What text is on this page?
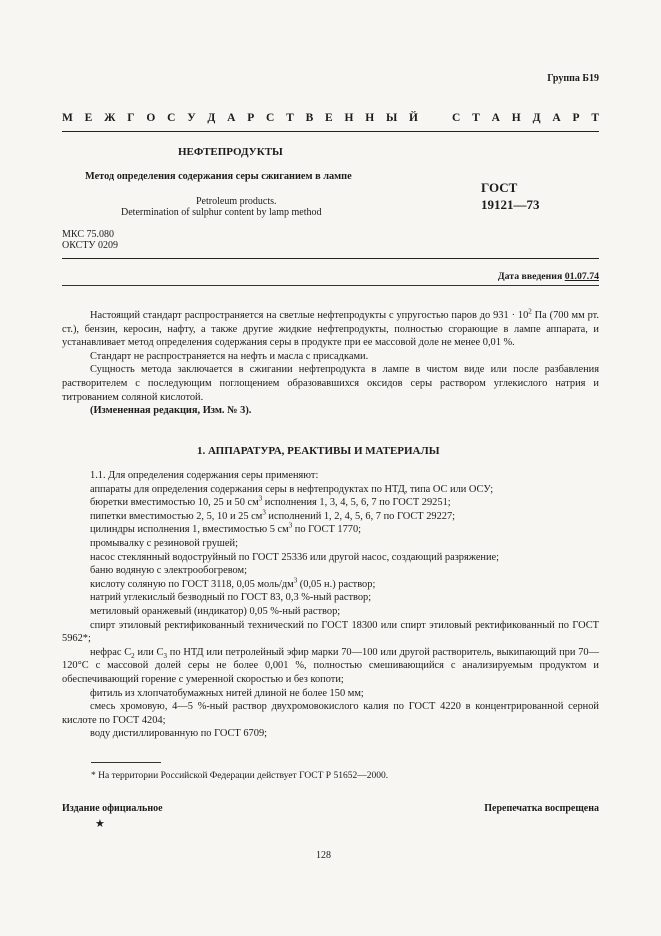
Группа Б19
М Е Ж Г О С У Д А Р С Т В Е Н Н Ы Й	С Т А Н Д А Р Т
НЕФТЕПРОДУКТЫ
Метод определения содержания серы сжиганием в лампе
ГОСТ
19121—73
Petroleum products.
Determination of sulphur content by lamp method
МКС 75.080
ОКСТУ 0209
Дата введения 01.07.74

Настоящий стандарт распространяется на светлые нефтепродукты с упругостью паров до $931 \cdot 10^2$ Па (700 мм рт. ст.), бензин, керосин, нафту, а также другие жидкие нефтепродукты, полностью сгорающие в лампе аппарата, и устанавливает метод определения содержания серы в продукте при ее массовой доле не менее 0,01 %.

Стандарт не распространяется на нефть и масла с присадками.

Сущность метода заключается в сжигании нефтепродукта в лампе в чистом виде или после разбавления растворителем с последующим поглощением образовавшихся оксидов серы раствором углекислого натрия и титрованием соляной кислотой.

(Измененная редакция, Изм. № 3).

1. АППАРАТУРА, РЕАКТИВЫ И МАТЕРИАЛЫ

1.1. Для определения содержания серы применяют:

аппараты для определения содержания серы в нефтепродуктах по НТД, типа ОС или ОСУ;

бюретки вместимостью 10, 25 и 50 $см^3$ исполнения 1, 3, 4, 5, 6, 7 по ГОСТ 29251;

пипетки вместимостью 2, 5, 10 и 25 $см^3$ исполнений 1, 2, 4, 5, 6, 7 по ГОСТ 29227;

цилиндры исполнения 1, вместимостью 5 $см^3$ по ГОСТ 1770;

промывалку с резиновой грушей;

насос стеклянный водоструйный по ГОСТ 25336 или другой насос, создающий разряжение;

баню водяную с электрообогревом;

кислоту соляную по ГОСТ 3118, 0,05 моль/$дм^3$ (0,05 н.) раствор;

натрий углекислый безводный по ГОСТ 83, 0,3 %-ный раствор;

метиловый оранжевый (индикатор) 0,05 %-ный раствор;

спирт этиловый ректификованный технический по ГОСТ 18300 или спирт этиловый ректификованный по ГОСТ 5962*;

нефрас $С_2$ или $С_3$ по НТД или петролейный эфир марки 70—100 или другой растворитель, выкипающий при 70—120°С с массовой долей серы не более 0,001 %, полностью смешивающийся с анализируемым продуктом и обеспечивающий горение с умеренной скоростью и без копоти;

фитиль из хлопчатобумажных нитей длиной не более 150 мм;

смесь хромовую, 4—5 %-ный раствор двухромовокислого калия по ГОСТ 4220 в концентрированной серной кислоте по ГОСТ 4204;

воду дистиллированную по ГОСТ 6709;

* На территории Российской Федерации действует ГОСТ Р 51652—2000.
Издание официальное	Перепечатка воспрещена
★
128
